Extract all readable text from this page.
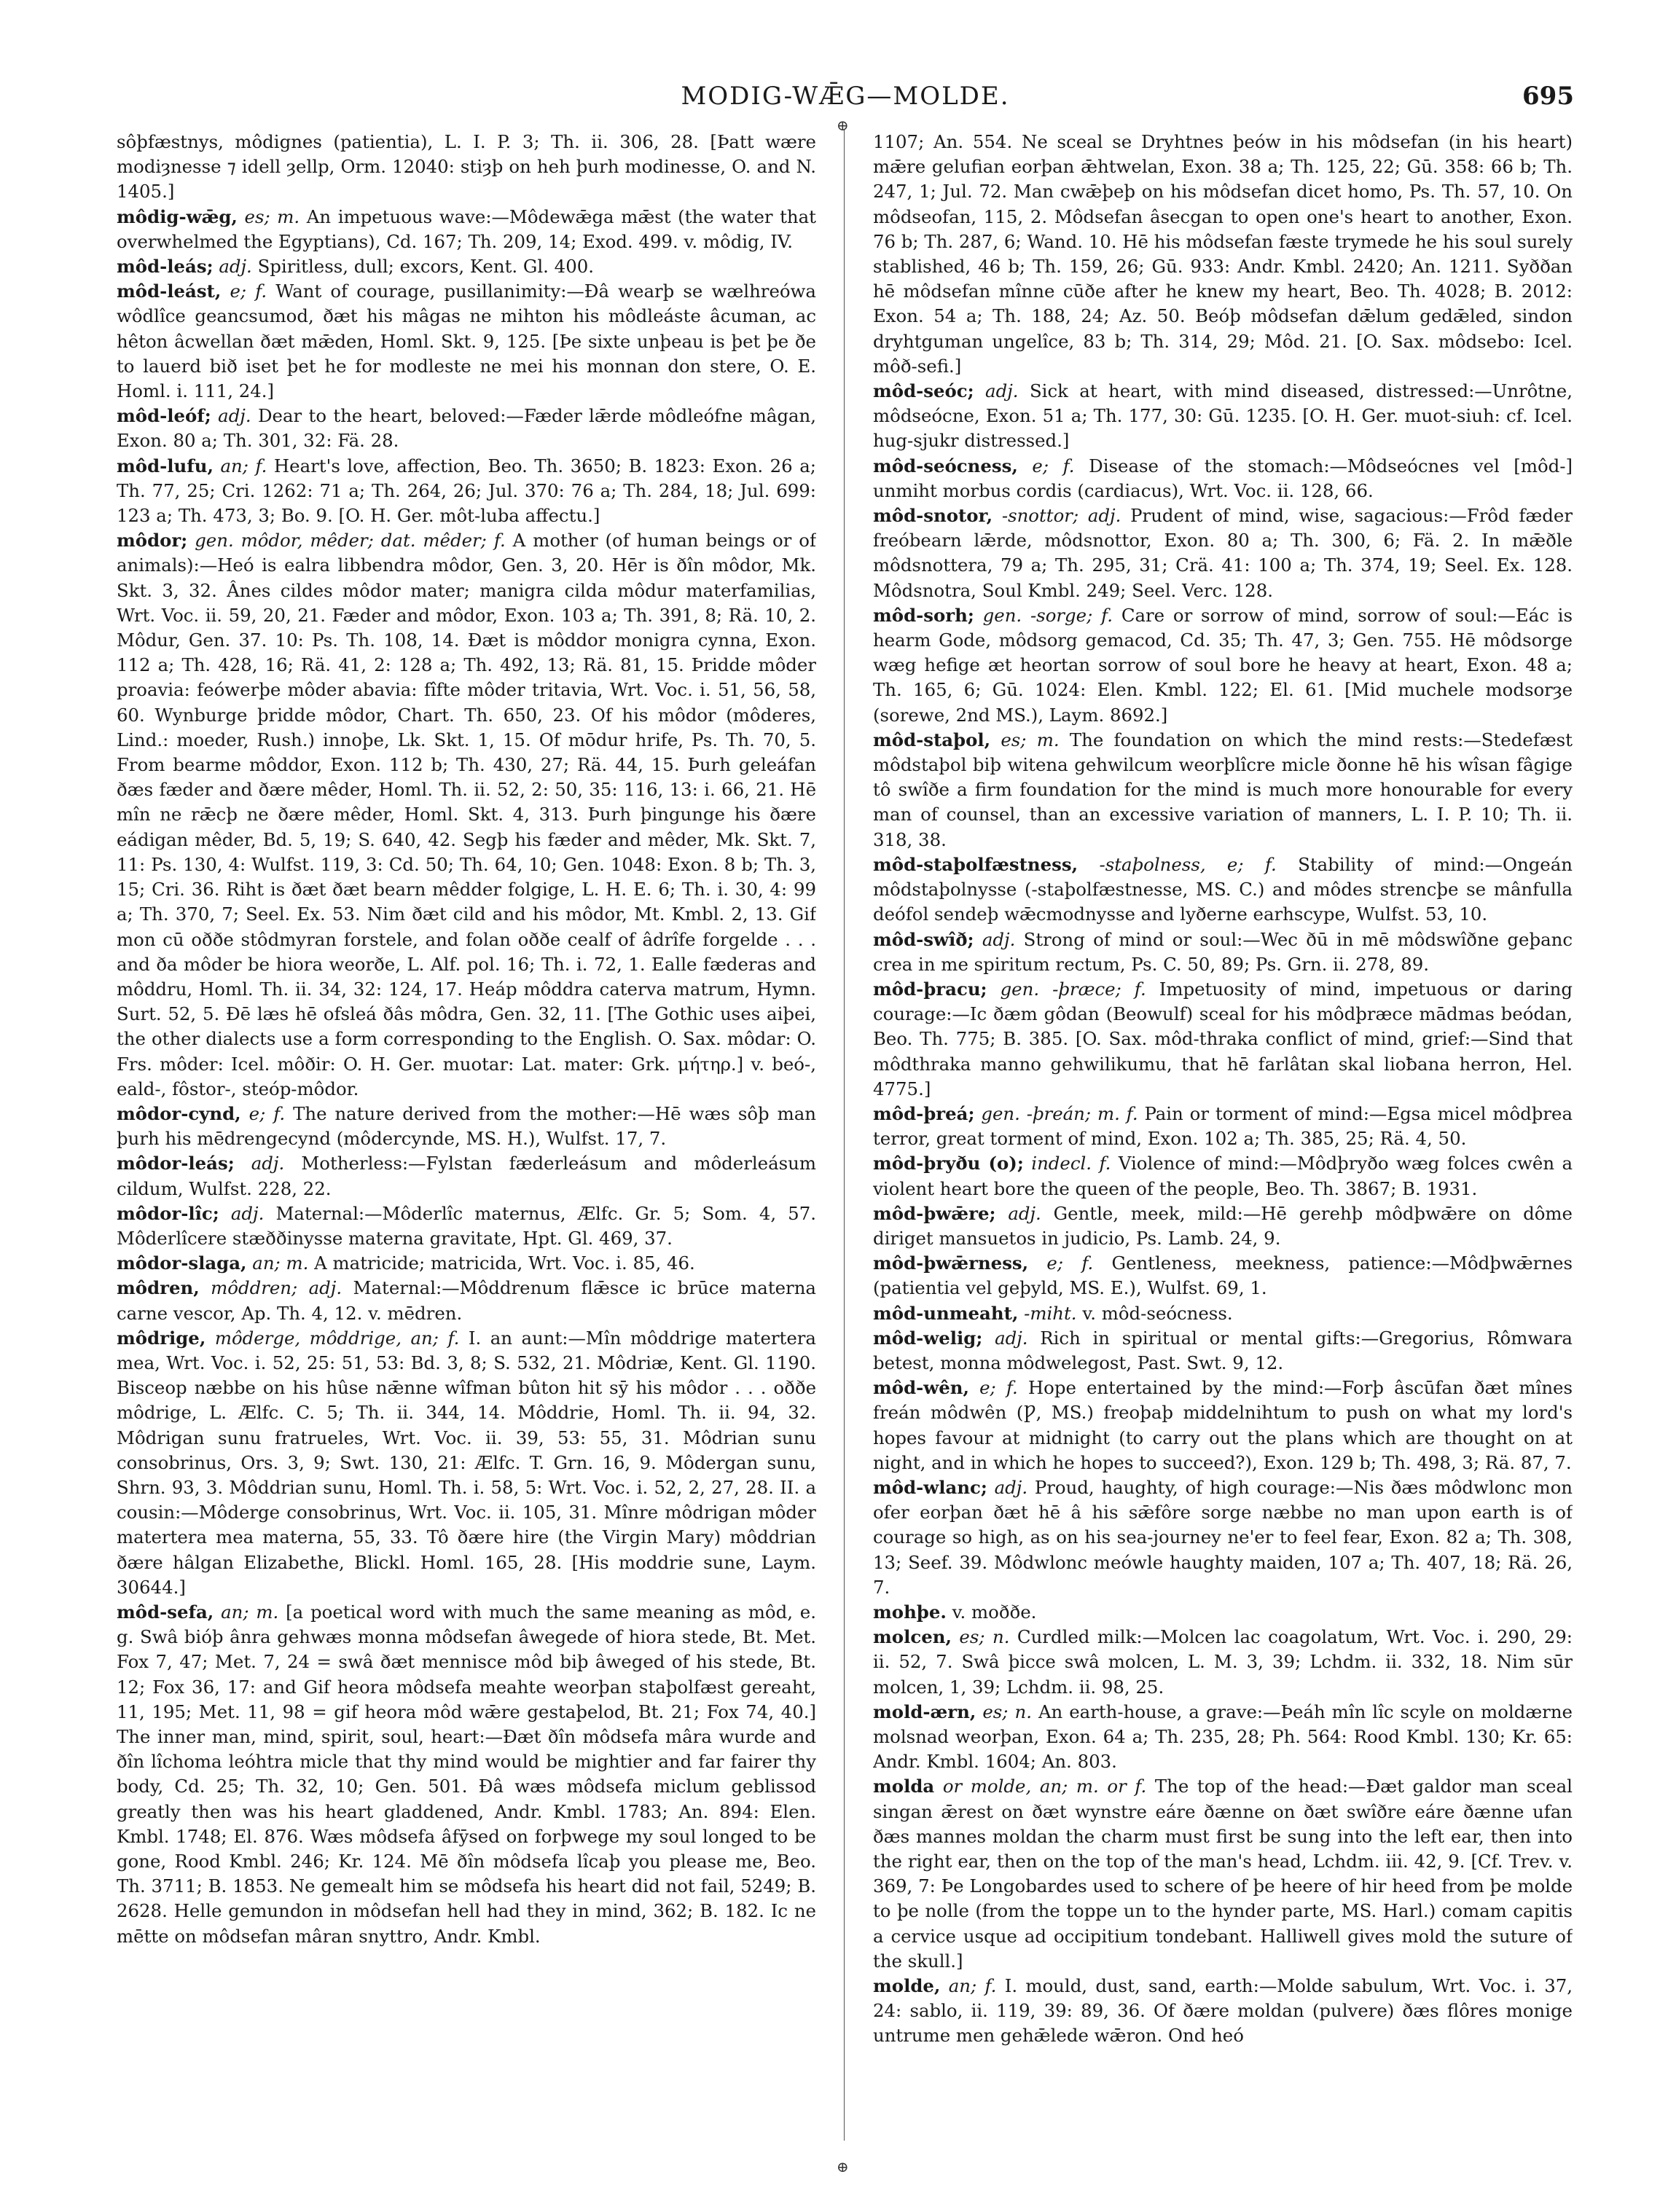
MODIG-WǢG—MOLDE.	695
⊕
⊕

sôþfæstnys, môdignes (patientia), L. I. P. 3; Th. ii. 306, 28. [Þatt wære modiȝnesse ⁊ idell ȝellp, Orm. 12040: stiȝþ on heh þurh modinesse, O. and N. 1405.]

môdig-wǣg, es; m. An impetuous wave:—Môdewǣga mǣst (the water that overwhelmed the Egyptians), Cd. 167; Th. 209, 14; Exod. 499. v. môdig, IV.

môd-leás; adj. Spiritless, dull; excors, Kent. Gl. 400.

môd-leást, e; f. Want of courage, pusillanimity:—Đâ wearþ se wælhreówa wôdlîce geancsumod, ðæt his mâgas ne mihton his môdleáste âcuman, ac hêton âcwellan ðæt mǣden, Homl. Skt. 9, 125. [Þe sixte unþeau is þet þe ðe to lauerd bið iset þet he for modleste ne mei his monnan don stere, O. E. Homl. i. 111, 24.]

môd-leóf; adj. Dear to the heart, beloved:—Fæder lǣrde môdleófne mâgan, Exon. 80 a; Th. 301, 32: Fä. 28.

môd-lufu, an; f. Heart's love, affection, Beo. Th. 3650; B. 1823: Exon. 26 a; Th. 77, 25; Cri. 1262: 71 a; Th. 264, 26; Jul. 370: 76 a; Th. 284, 18; Jul. 699: 123 a; Th. 473, 3; Bo. 9. [O. H. Ger. môt-luba affectu.]

môdor; gen. môdor, mêder; dat. mêder; f. A mother (of human beings or of animals):—Heó is ealra libbendra môdor, Gen. 3, 20. Hēr is ðîn môdor, Mk. Skt. 3, 32. Ânes cildes môdor mater; manigra cilda môdur materfamilias, Wrt. Voc. ii. 59, 20, 21. Fæder and môdor, Exon. 103 a; Th. 391, 8; Rä. 10, 2. Môdur, Gen. 37. 10: Ps. Th. 108, 14. Ðæt is môddor monigra cynna, Exon. 112 a; Th. 428, 16; Rä. 41, 2: 128 a; Th. 492, 13; Rä. 81, 15. Þridde môder proavia: feówerþe môder abavia: fîfte môder tritavia, Wrt. Voc. i. 51, 56, 58, 60. Wynburge þridde môdor, Chart. Th. 650, 23. Of his môdor (môderes, Lind.: moeder, Rush.) innoþe, Lk. Skt. 1, 15. Of mōdur hrife, Ps. Th. 70, 5. From bearme môddor, Exon. 112 b; Th. 430, 27; Rä. 44, 15. Þurh geleáfan ðæs fæder and ðære mêder, Homl. Th. ii. 52, 2: 50, 35: 116, 13: i. 66, 21. Hē mîn ne rǣcþ ne ðære mêder, Homl. Skt. 4, 313. Þurh þingunge his ðære eádigan mêder, Bd. 5, 19; S. 640, 42. Segþ his fæder and mêder, Mk. Skt. 7, 11: Ps. 130, 4: Wulfst. 119, 3: Cd. 50; Th. 64, 10; Gen. 1048: Exon. 8 b; Th. 3, 15; Cri. 36. Riht is ðæt ðæt bearn mêdder folgige, L. H. E. 6; Th. i. 30, 4: 99 a; Th. 370, 7; Seel. Ex. 53. Nim ðæt cild and his môdor, Mt. Kmbl. 2, 13. Gif mon cū oððe stôdmyran forstele, and folan oððe cealf of âdrîfe forgelde . . . and ða môder be hiora weorðe, L. Alf. pol. 16; Th. i. 72, 1. Ealle fæderas and môddru, Homl. Th. ii. 34, 32: 124, 17. Heáp môddra caterva matrum, Hymn. Surt. 52, 5. Ðē læs hē ofsleá ðâs môdra, Gen. 32, 11. [The Gothic uses aiþei, the other dialects use a form corresponding to the English. O. Sax. môdar: O. Frs. môder: Icel. môðir: O. H. Ger. muotar: Lat. mater: Grk. μήτηρ.] v. beó-, eald-, fôstor-, steóp-môdor.

môdor-cynd, e; f. The nature derived from the mother:—Hē wæs sôþ man þurh his mēdrengecynd (môdercynde, MS. H.), Wulfst. 17, 7.

môdor-leás; adj. Motherless:—Fylstan fæderleásum and môderleásum cildum, Wulfst. 228, 22.

môdor-lîc; adj. Maternal:—Môderlîc maternus, Ælfc. Gr. 5; Som. 4, 57. Môderlîcere stæððinysse materna gravitate, Hpt. Gl. 469, 37.

môdor-slaga, an; m. A matricide; matricida, Wrt. Voc. i. 85, 46.

môdren, môddren; adj. Maternal:—Môddrenum flǣsce ic brūce materna carne vescor, Ap. Th. 4, 12. v. mēdren.

môdrige, môderge, môddrige, an; f. I. an aunt:—Mîn môddrige matertera mea, Wrt. Voc. i. 52, 25: 51, 53: Bd. 3, 8; S. 532, 21. Môdriæ, Kent. Gl. 1190. Bisceop næbbe on his hûse nǣnne wîfman bûton hit sȳ his môdor . . . oððe môdrige, L. Ælfc. C. 5; Th. ii. 344, 14. Môddrie, Homl. Th. ii. 94, 32. Môdrigan sunu fratrueles, Wrt. Voc. ii. 39, 53: 55, 31. Môdrian sunu consobrinus, Ors. 3, 9; Swt. 130, 21: Ælfc. T. Grn. 16, 9. Môdergan sunu, Shrn. 93, 3. Môddrian sunu, Homl. Th. i. 58, 5: Wrt. Voc. i. 52, 2, 27, 28. II. a cousin:—Môderge consobrinus, Wrt. Voc. ii. 105, 31. Mînre môdrigan môder matertera mea materna, 55, 33. Tô ðære hire (the Virgin Mary) môddrian ðære hâlgan Elizabethe, Blickl. Homl. 165, 28. [His moddrie sune, Laym. 30644.]

môd-sefa, an; m. [a poetical word with much the same meaning as môd, e. g. Swâ bióþ ânra gehwæs monna môdsefan âwegede of hiora stede, Bt. Met. Fox 7, 47; Met. 7, 24 = swâ ðæt mennisce môd biþ âweged of his stede, Bt. 12; Fox 36, 17: and Gif heora môdsefa meahte weorþan staþolfæst gereaht, 11, 195; Met. 11, 98 = gif heora môd wǣre gestaþelod, Bt. 21; Fox 74, 40.] The inner man, mind, spirit, soul, heart:—Ðæt ðîn môdsefa mâra wurde and ðîn lîchoma leóhtra micle that thy mind would be mightier and far fairer thy body, Cd. 25; Th. 32, 10; Gen. 501. Ðâ wæs môdsefa miclum geblissod greatly then was his heart gladdened, Andr. Kmbl. 1783; An. 894: Elen. Kmbl. 1748; El. 876. Wæs môdsefa âfȳsed on forþwege my soul longed to be gone, Rood Kmbl. 246; Kr. 124. Mē ðîn môdsefa lîcaþ you please me, Beo. Th. 3711; B. 1853. Ne gemealt him se môdsefa his heart did not fail, 5249; B. 2628. Helle gemundon in môdsefan hell had they in mind, 362; B. 182. Ic ne mētte on môdsefan mâran snyttro, Andr. Kmbl.

1107; An. 554. Ne sceal se Dryhtnes þeów in his môdsefan (in his heart) mǣre gelufian eorþan ǣhtwelan, Exon. 38 a; Th. 125, 22; Gū. 358: 66 b; Th. 247, 1; Jul. 72. Man cwǣþeþ on his môdsefan dicet homo, Ps. Th. 57, 10. On môdseofan, 115, 2. Môdsefan âsecgan to open one's heart to another, Exon. 76 b; Th. 287, 6; Wand. 10. Hē his môdsefan fæste trymede he his soul surely stablished, 46 b; Th. 159, 26; Gū. 933: Andr. Kmbl. 2420; An. 1211. Syððan hē môdsefan mînne cūðe after he knew my heart, Beo. Th. 4028; B. 2012: Exon. 54 a; Th. 188, 24; Az. 50. Beóþ môdsefan dǣlum gedǣled, sindon dryhtguman ungelîce, 83 b; Th. 314, 29; Môd. 21. [O. Sax. môdsebo: Icel. môð-sefi.]

môd-seóc; adj. Sick at heart, with mind diseased, distressed:—Unrôtne, môdseócne, Exon. 51 a; Th. 177, 30: Gū. 1235. [O. H. Ger. muot-siuh: cf. Icel. hug-sjukr distressed.]

môd-seócness, e; f. Disease of the stomach:—Môdseócnes vel [môd-] unmiht morbus cordis (cardiacus), Wrt. Voc. ii. 128, 66.

môd-snotor, -snottor; adj. Prudent of mind, wise, sagacious:—Frôd fæder freóbearn lǣrde, môdsnottor, Exon. 80 a; Th. 300, 6; Fä. 2. In mǣðle môdsnottera, 79 a; Th. 295, 31; Crä. 41: 100 a; Th. 374, 19; Seel. Ex. 128. Môdsnotra, Soul Kmbl. 249; Seel. Verc. 128.

môd-sorh; gen. -sorge; f. Care or sorrow of mind, sorrow of soul:—Eác is hearm Gode, môdsorg gemacod, Cd. 35; Th. 47, 3; Gen. 755. Hē môdsorge wæg hefige æt heortan sorrow of soul bore he heavy at heart, Exon. 48 a; Th. 165, 6; Gū. 1024: Elen. Kmbl. 122; El. 61. [Mid muchele modsorȝe (sorewe, 2nd MS.), Laym. 8692.]

môd-staþol, es; m. The foundation on which the mind rests:—Stedefæst môdstaþol biþ witena gehwilcum weorþlîcre micle ðonne hē his wîsan fâgige tô swîðe a firm foundation for the mind is much more honourable for every man of counsel, than an excessive variation of manners, L. I. P. 10; Th. ii. 318, 38.

môd-staþolfæstness, -staþolness, e; f. Stability of mind:—Ongeán môdstaþolnysse (-staþolfæstnesse, MS. C.) and môdes strencþe se mânfulla deófol sendeþ wǣcmodnysse and lyðerne earhscype, Wulfst. 53, 10.

môd-swîð; adj. Strong of mind or soul:—Wec ðū in mē môdswîðne geþanc crea in me spiritum rectum, Ps. C. 50, 89; Ps. Grn. ii. 278, 89.

môd-þracu; gen. -þræce; f. Impetuosity of mind, impetuous or daring courage:—Ic ðæm gôdan (Beowulf) sceal for his môdþræce mādmas beódan, Beo. Th. 775; B. 385. [O. Sax. môd-thraka conflict of mind, grief:—Sind that môdthraka manno gehwilikumu, that hē farlâtan skal lioƀana herron, Hel. 4775.]

môd-þreá; gen. -þreán; m. f. Pain or torment of mind:—Egsa micel môdþrea terror, great torment of mind, Exon. 102 a; Th. 385, 25; Rä. 4, 50.

môd-þryðu (o); indecl. f. Violence of mind:—Môdþryðo wæg folces cwên a violent heart bore the queen of the people, Beo. Th. 3867; B. 1931.

môd-þwǣre; adj. Gentle, meek, mild:—Hē gerehþ môdþwǣre on dôme diriget mansuetos in judicio, Ps. Lamb. 24, 9.

môd-þwǣrness, e; f. Gentleness, meekness, patience:—Môdþwǣrnes (patientia vel geþyld, MS. E.), Wulfst. 69, 1.

môd-unmeaht, -miht. v. môd-seócness.

môd-welig; adj. Rich in spiritual or mental gifts:—Gregorius, Rômwara betest, monna môdwelegost, Past. Swt. 9, 12.

môd-wên, e; f. Hope entertained by the mind:—Forþ âscūfan ðæt mînes freán môdwên (Ƿ, MS.) freoþaþ middelnihtum to push on what my lord's hopes favour at midnight (to carry out the plans which are thought on at night, and in which he hopes to succeed?), Exon. 129 b; Th. 498, 3; Rä. 87, 7.

môd-wlanc; adj. Proud, haughty, of high courage:—Nis ðæs môdwlonc mon ofer eorþan ðæt hē â his sǣfôre sorge næbbe no man upon earth is of courage so high, as on his sea-journey ne'er to feel fear, Exon. 82 a; Th. 308, 13; Seef. 39. Môdwlonc meówle haughty maiden, 107 a; Th. 407, 18; Rä. 26, 7.

mohþe. v. moððe.

molcen, es; n. Curdled milk:—Molcen lac coagolatum, Wrt. Voc. i. 290, 29: ii. 52, 7. Swâ þicce swâ molcen, L. M. 3, 39; Lchdm. ii. 332, 18. Nim sūr molcen, 1, 39; Lchdm. ii. 98, 25.

mold-ærn, es; n. An earth-house, a grave:—Þeáh mîn lîc scyle on moldærne molsnad weorþan, Exon. 64 a; Th. 235, 28; Ph. 564: Rood Kmbl. 130; Kr. 65: Andr. Kmbl. 1604; An. 803.

molda or molde, an; m. or f. The top of the head:—Ðæt galdor man sceal singan ǣrest on ðæt wynstre eáre ðænne on ðæt swîðre eáre ðænne ufan ðæs mannes moldan the charm must first be sung into the left ear, then into the right ear, then on the top of the man's head, Lchdm. iii. 42, 9. [Cf. Trev. v. 369, 7: Þe Longobardes used to schere of þe heere of hir heed from þe molde to þe nolle (from the toppe un to the hynder parte, MS. Harl.) comam capitis a cervice usque ad occipitium tondebant. Halliwell gives mold the suture of the skull.]

molde, an; f. I. mould, dust, sand, earth:—Molde sabulum, Wrt. Voc. i. 37, 24: sablo, ii. 119, 39: 89, 36. Of ðære moldan (pulvere) ðæs flôres monige untrume men gehǣlede wǣron. Ond heó
